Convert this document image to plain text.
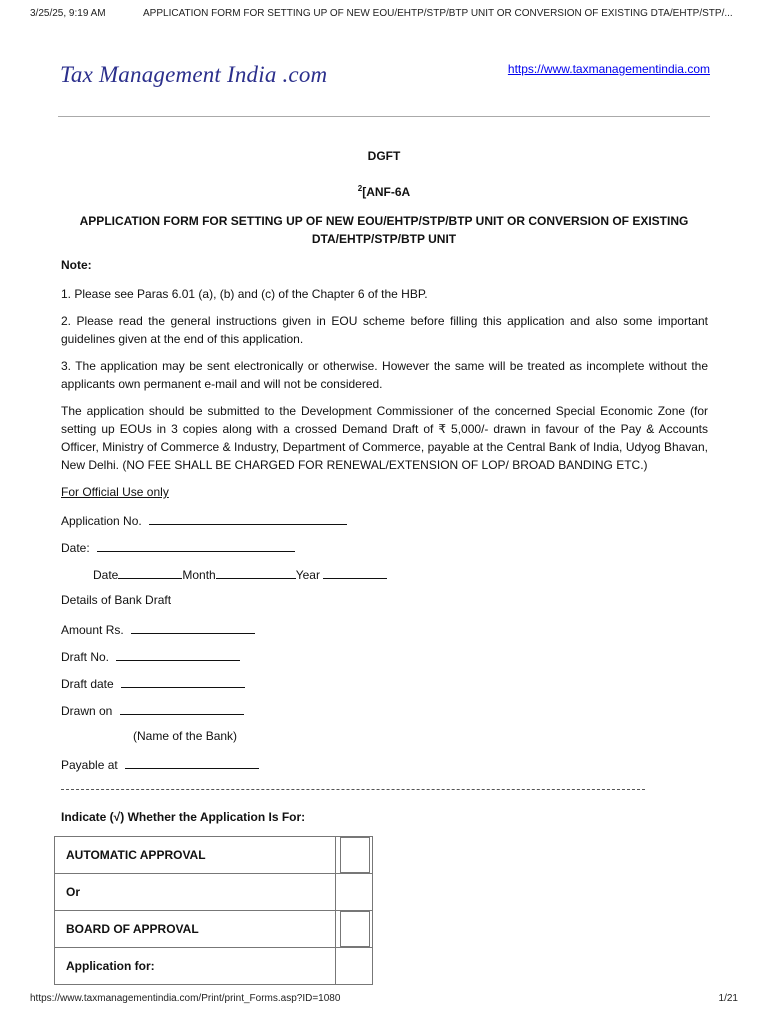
3/25/25, 9:19 AM	APPLICATION FORM FOR SETTING UP OF NEW EOU/EHTP/STP/BTP UNIT OR CONVERSION OF EXISTING DTA/EHTP/STP/...
Tax Management India .com	https://www.taxmanagementindia.com
DGFT
$^2$[ANF-6A
APPLICATION FORM FOR SETTING UP OF NEW EOU/EHTP/STP/BTP UNIT OR CONVERSION OF EXISTING
DTA/EHTP/STP/BTP UNIT
Note:
1. Please see Paras 6.01 (a), (b) and (c) of the Chapter 6 of the HBP.
2. Please read the general instructions given in EOU scheme before filling this application and also some important guidelines given at the end of this application.
3. The application may be sent electronically or otherwise. However the same will be treated as incomplete without the applicants own permanent e-mail and will not be considered.
The application should be submitted to the Development Commissioner of the concerned Special Economic Zone (for setting up EOUs in 3 copies along with a crossed Demand Draft of ₹ 5,000/- drawn in favour of the Pay & Accounts Officer, Ministry of Commerce & Industry, Department of Commerce, payable at the Central Bank of India, Udyog Bhavan, New Delhi. (NO FEE SHALL BE CHARGED FOR RENEWAL/EXTENSION OF LOP/ BROAD BANDING ETC.)
For Official Use only
Application No.
Date:
Date	Month	Year
Details of Bank Draft
Amount Rs.
Draft No.
Draft date
Drawn on
(Name of the Bank)
Payable at
Indicate (√) Whether the Application Is For:
AUTOMATIC APPROVAL	

Or	
BOARD OF APPROVAL	

Application for:	
https://www.taxmanagementindia.com/Print/print_Forms.asp?ID=1080	1/21
